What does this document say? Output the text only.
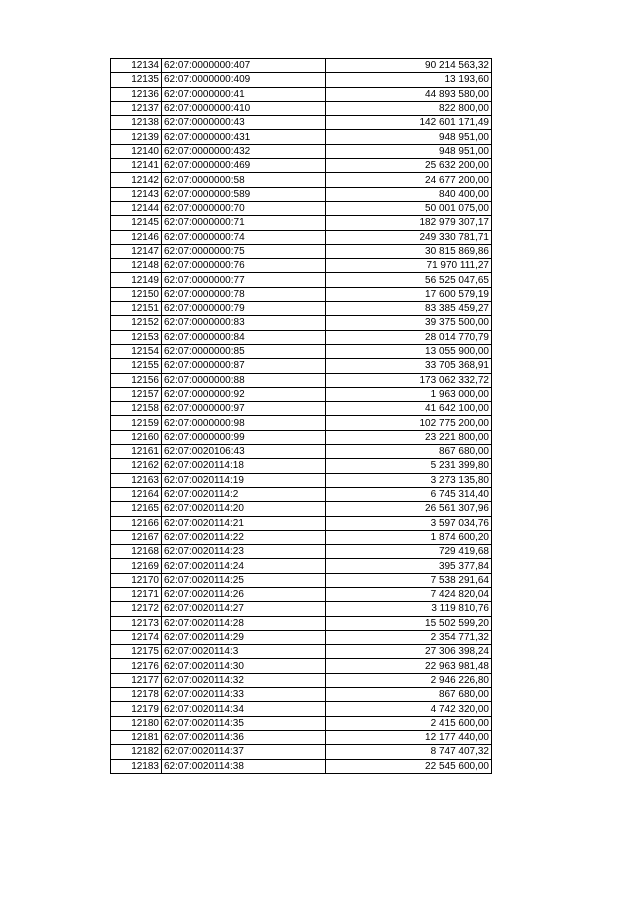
12134	62:07:0000000:407	90 214 563,32
12135	62:07:0000000:409	13 193,60
12136	62:07:0000000:41	44 893 580,00
12137	62:07:0000000:410	822 800,00
12138	62:07:0000000:43	142 601 171,49
12139	62:07:0000000:431	948 951,00
12140	62:07:0000000:432	948 951,00
12141	62:07:0000000:469	25 632 200,00
12142	62:07:0000000:58	24 677 200,00
12143	62:07:0000000:589	840 400,00
12144	62:07:0000000:70	50 001 075,00
12145	62:07:0000000:71	182 979 307,17
12146	62:07:0000000:74	249 330 781,71
12147	62:07:0000000:75	30 815 869,86
12148	62:07:0000000:76	71 970 111,27
12149	62:07:0000000:77	56 525 047,65
12150	62:07:0000000:78	17 600 579,19
12151	62:07:0000000:79	83 385 459,27
12152	62:07:0000000:83	39 375 500,00
12153	62:07:0000000:84	28 014 770,79
12154	62:07:0000000:85	13 055 900,00
12155	62:07:0000000:87	33 705 368,91
12156	62:07:0000000:88	173 062 332,72
12157	62:07:0000000:92	1 963 000,00
12158	62:07:0000000:97	41 642 100,00
12159	62:07:0000000:98	102 775 200,00
12160	62:07:0000000:99	23 221 800,00
12161	62:07:0020106:43	867 680,00
12162	62:07:0020114:18	5 231 399,80
12163	62:07:0020114:19	3 273 135,80
12164	62:07:0020114:2	6 745 314,40
12165	62:07:0020114:20	26 561 307,96
12166	62:07:0020114:21	3 597 034,76
12167	62:07:0020114:22	1 874 600,20
12168	62:07:0020114:23	729 419,68
12169	62:07:0020114:24	395 377,84
12170	62:07:0020114:25	7 538 291,64
12171	62:07:0020114:26	7 424 820,04
12172	62:07:0020114:27	3 119 810,76
12173	62:07:0020114:28	15 502 599,20
12174	62:07:0020114:29	2 354 771,32
12175	62:07:0020114:3	27 306 398,24
12176	62:07:0020114:30	22 963 981,48
12177	62:07:0020114:32	2 946 226,80
12178	62:07:0020114:33	867 680,00
12179	62:07:0020114:34	4 742 320,00
12180	62:07:0020114:35	2 415 600,00
12181	62:07:0020114:36	12 177 440,00
12182	62:07:0020114:37	8 747 407,32
12183	62:07:0020114:38	22 545 600,00
